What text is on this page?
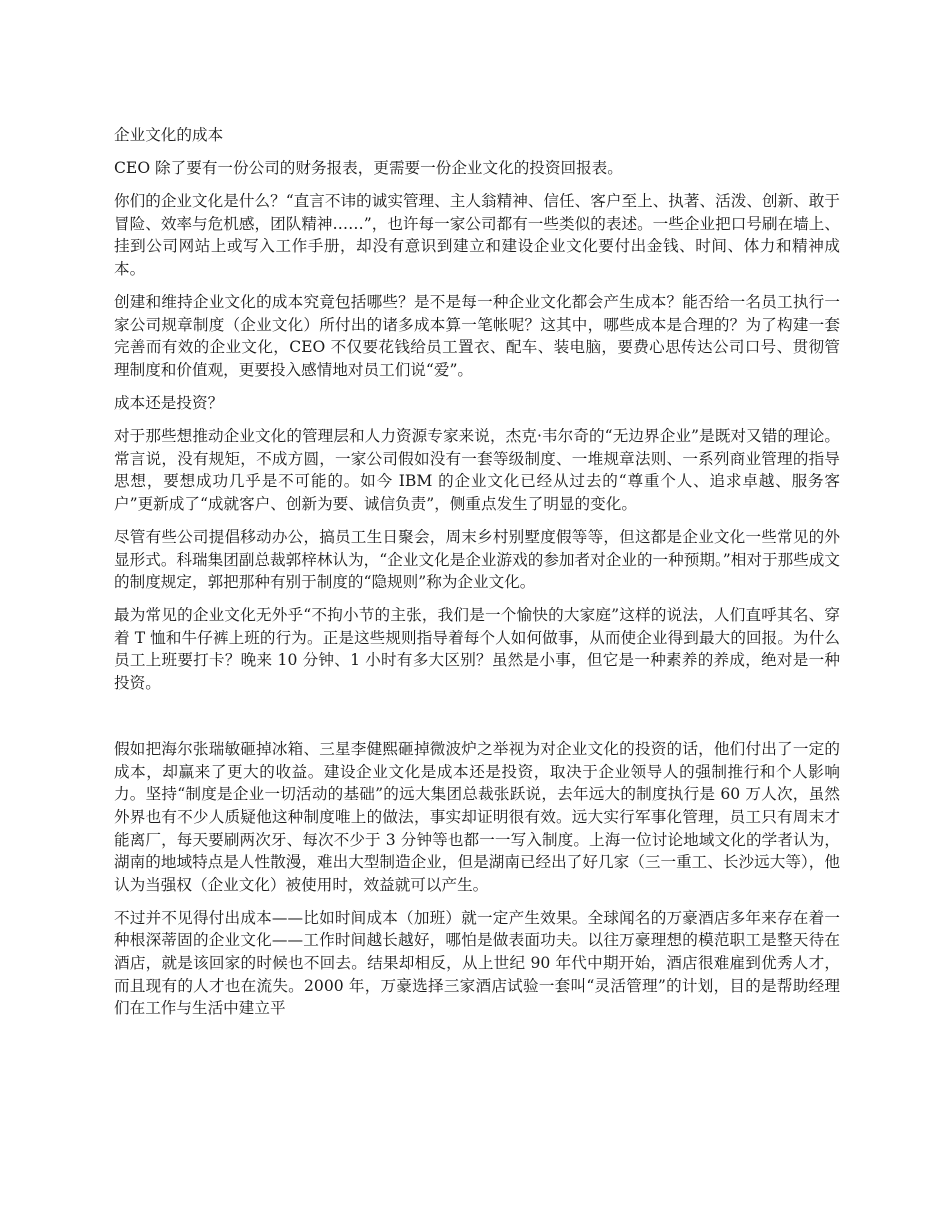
企业文化的成本

CEO 除了要有一份公司的财务报表，更需要一份企业文化的投资回报表。

你们的企业文化是什么？“直言不讳的诚实管理、主人翁精神、信任、客户至上、执著、活泼、创新、敢于冒险、效率与危机感，团队精神……”，也许每一家公司都有一些类似的表述。一些企业把口号刷在墙上、挂到公司网站上或写入工作手册，却没有意识到建立和建设企业文化要付出金钱、时间、体力和精神成本。

创建和维持企业文化的成本究竟包括哪些？是不是每一种企业文化都会产生成本？能否给一名员工执行一家公司规章制度（企业文化）所付出的诸多成本算一笔帐呢？这其中，哪些成本是合理的？为了构建一套完善而有效的企业文化，CEO 不仅要花钱给员工置衣、配车、装电脑，要费心思传达公司口号、贯彻管理制度和价值观，更要投入感情地对员工们说“爱”。

成本还是投资？

对于那些想推动企业文化的管理层和人力资源专家来说，杰克·韦尔奇的“无边界企业”是既对又错的理论。常言说，没有规矩，不成方圆，一家公司假如没有一套等级制度、一堆规章法则、一系列商业管理的指导思想，要想成功几乎是不可能的。如今 IBM 的企业文化已经从过去的“尊重个人、追求卓越、服务客户”更新成了“成就客户、创新为要、诚信负责”，侧重点发生了明显的变化。

尽管有些公司提倡移动办公，搞员工生日聚会，周末乡村别墅度假等等，但这都是企业文化一些常见的外显形式。科瑞集团副总裁郭梓林认为，“企业文化是企业游戏的参加者对企业的一种预期。”相对于那些成文的制度规定，郭把那种有别于制度的“隐规则”称为企业文化。

最为常见的企业文化无外乎“不拘小节的主张，我们是一个愉快的大家庭”这样的说法，人们直呼其名、穿着 T 恤和牛仔裤上班的行为。正是这些规则指导着每个人如何做事，从而使企业得到最大的回报。为什么员工上班要打卡？晚来 10 分钟、1 小时有多大区别？虽然是小事，但它是一种素养的养成，绝对是一种投资。

假如把海尔张瑞敏砸掉冰箱、三星李健熙砸掉微波炉之举视为对企业文化的投资的话，他们付出了一定的成本，却赢来了更大的收益。建设企业文化是成本还是投资，取决于企业领导人的强制推行和个人影响力。坚持“制度是企业一切活动的基础”的远大集团总裁张跃说，去年远大的制度执行是 60 万人次，虽然外界也有不少人质疑他这种制度唯上的做法，事实却证明很有效。远大实行军事化管理，员工只有周末才能离厂，每天要刷两次牙、每次不少于 3 分钟等也都一一写入制度。上海一位讨论地域文化的学者认为，湖南的地域特点是人性散漫，难出大型制造企业，但是湖南已经出了好几家（三一重工、长沙远大等），他认为当强权（企业文化）被使用时，效益就可以产生。

不过并不见得付出成本——比如时间成本（加班）就一定产生效果。全球闻名的万豪酒店多年来存在着一种根深蒂固的企业文化——工作时间越长越好，哪怕是做表面功夫。以往万豪理想的模范职工是整天待在酒店，就是该回家的时候也不回去。结果却相反，从上世纪 90 年代中期开始，酒店很难雇到优秀人才，而且现有的人才也在流失。2000 年，万豪选择三家酒店试验一套叫“灵活管理”的计划，目的是帮助经理们在工作与生活中建立平
